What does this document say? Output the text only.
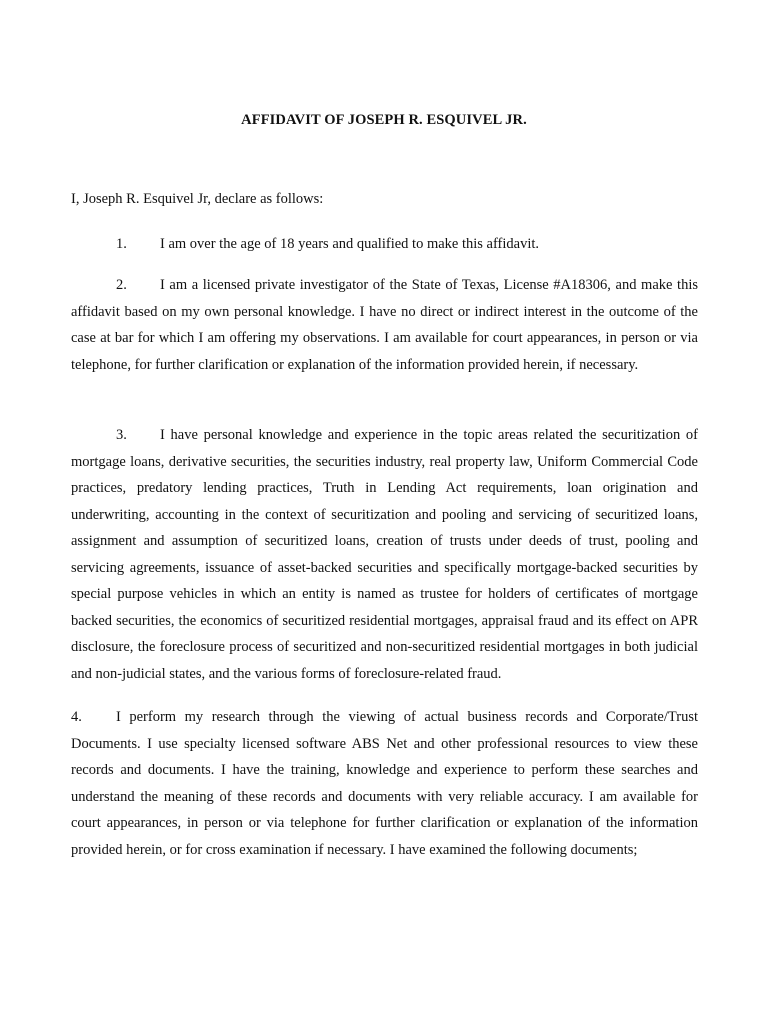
AFFIDAVIT OF JOSEPH R. ESQUIVEL JR.
I, Joseph R. Esquivel Jr, declare as follows:
1. I am over the age of 18 years and qualified to make this affidavit.
2. I am a licensed private investigator of the State of Texas, License #A18306, and make this affidavit based on my own personal knowledge. I have no direct or indirect interest in the outcome of the case at bar for which I am offering my observations. I am available for court appearances, in person or via telephone, for further clarification or explanation of the information provided herein, if necessary.
3. I have personal knowledge and experience in the topic areas related the securitization of mortgage loans, derivative securities, the securities industry, real property law, Uniform Commercial Code practices, predatory lending practices, Truth in Lending Act requirements, loan origination and underwriting, accounting in the context of securitization and pooling and servicing of securitized loans, assignment and assumption of securitized loans, creation of trusts under deeds of trust, pooling and servicing agreements, issuance of asset-backed securities and specifically mortgage-backed securities by special purpose vehicles in which an entity is named as trustee for holders of certificates of mortgage backed securities, the economics of securitized residential mortgages, appraisal fraud and its effect on APR disclosure, the foreclosure process of securitized and non-securitized residential mortgages in both judicial and non-judicial states, and the various forms of foreclosure-related fraud.
4. I perform my research through the viewing of actual business records and Corporate/Trust Documents. I use specialty licensed software ABS Net and other professional resources to view these records and documents. I have the training, knowledge and experience to perform these searches and understand the meaning of these records and documents with very reliable accuracy. I am available for court appearances, in person or via telephone for further clarification or explanation of the information provided herein, or for cross examination if necessary. I have examined the following documents;
